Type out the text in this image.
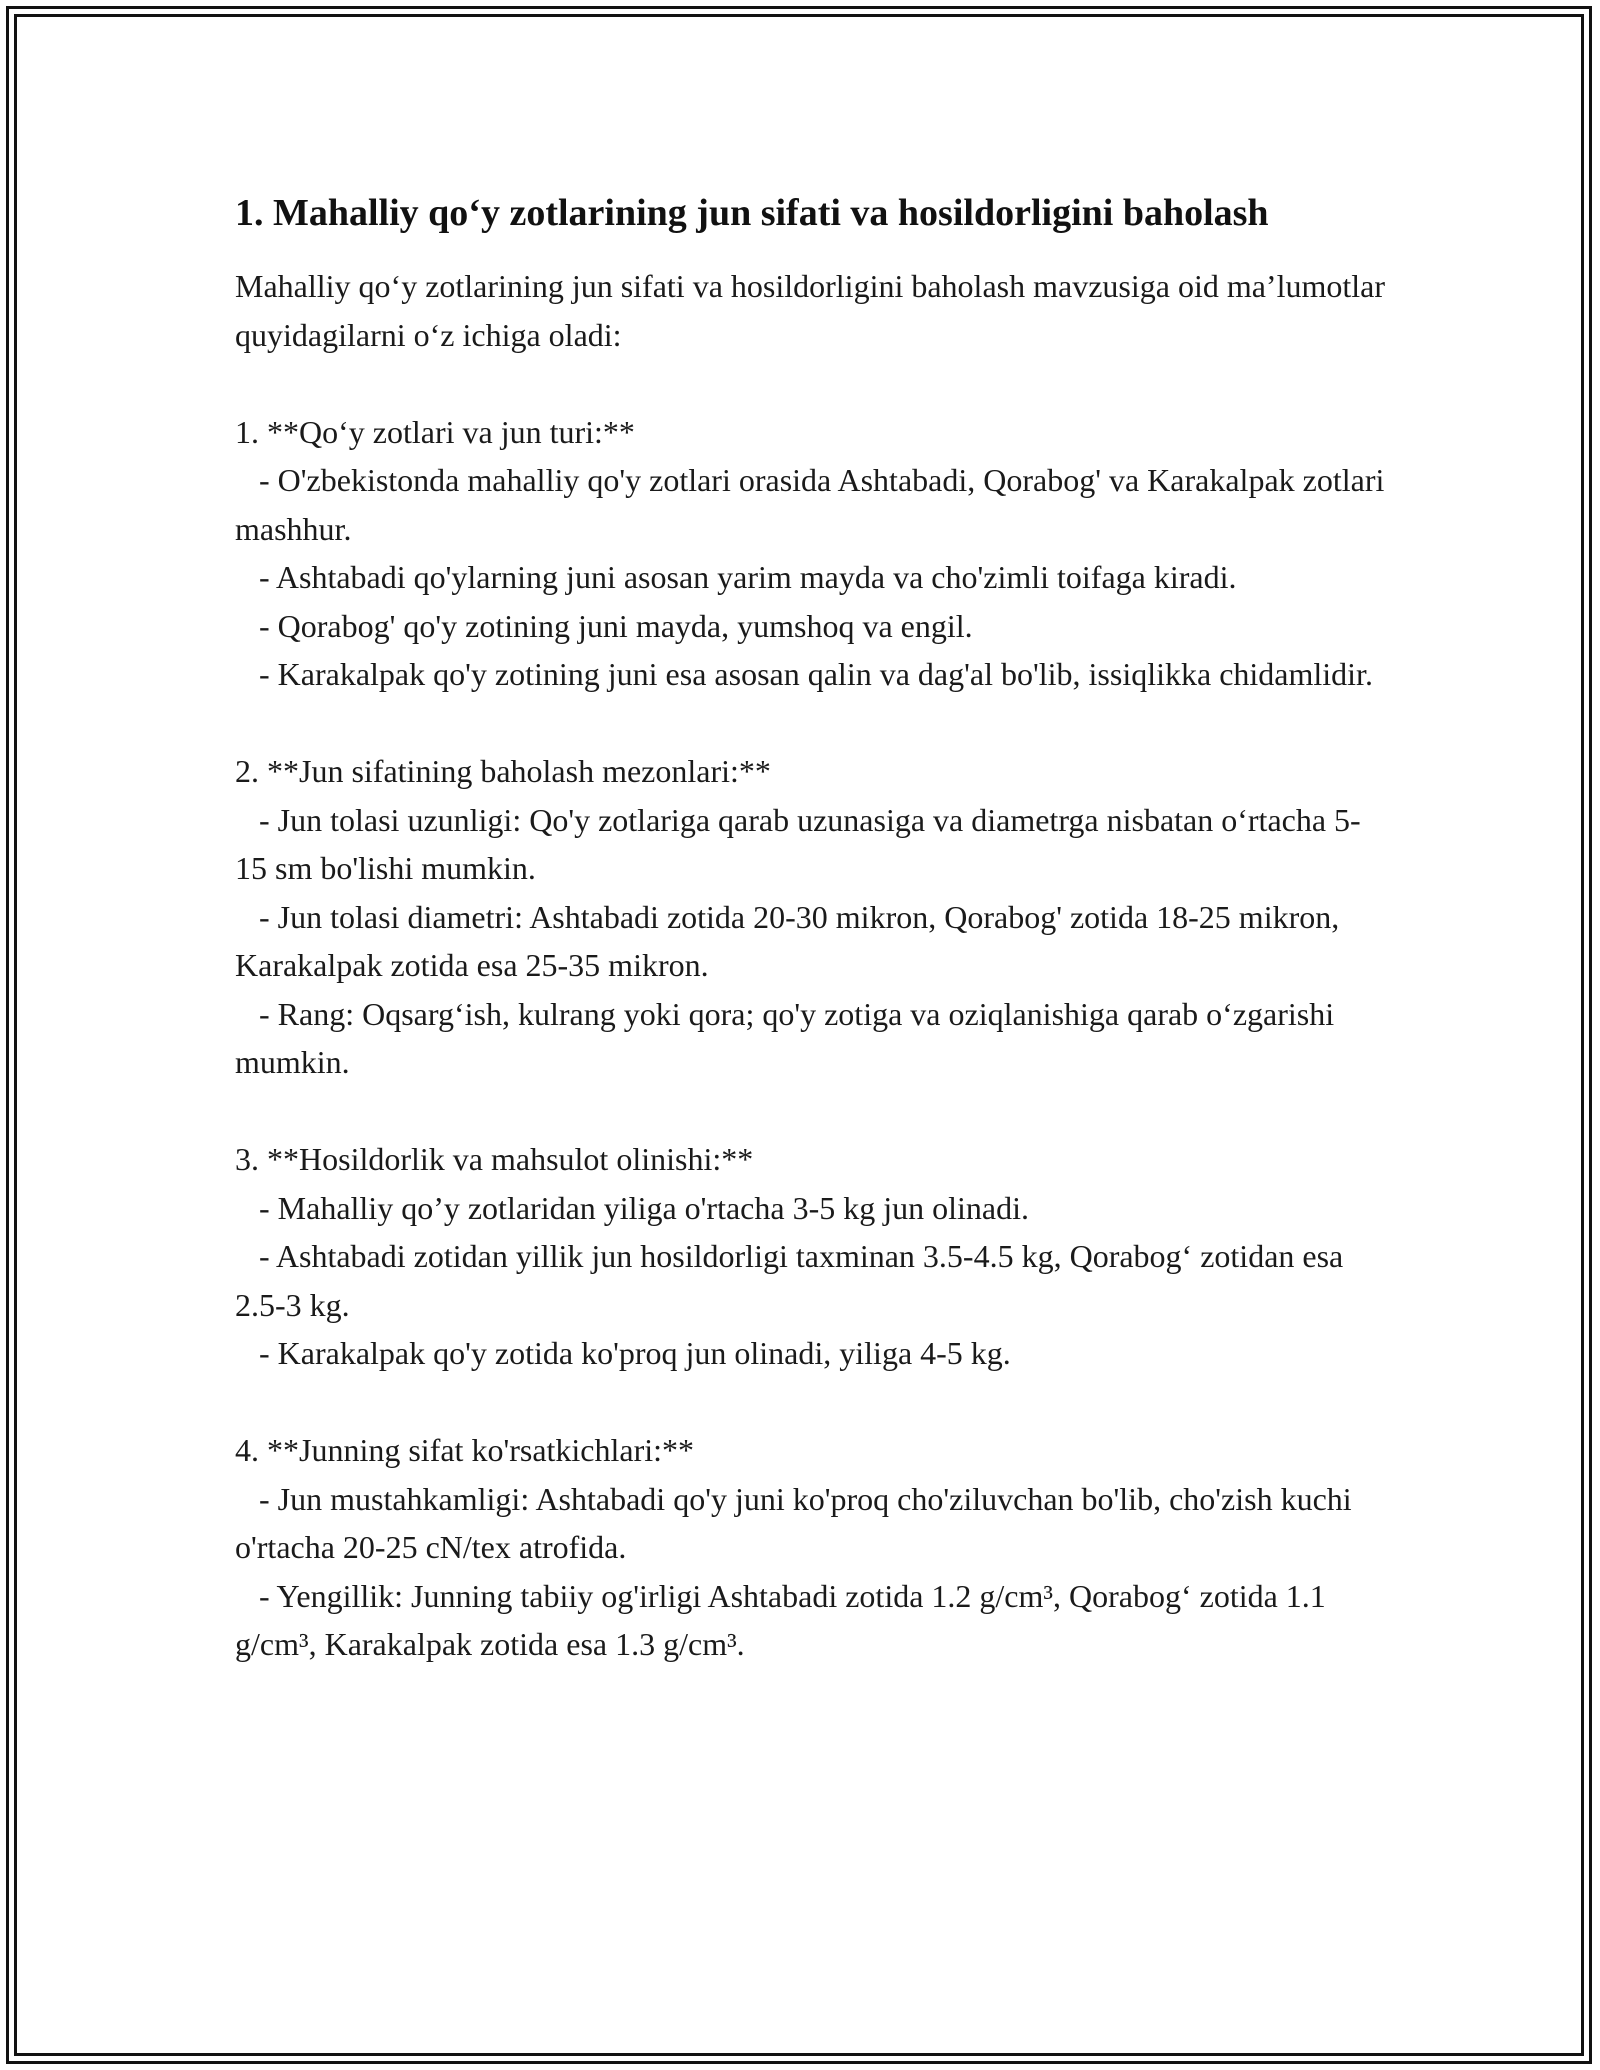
1. Mahalliy qo‘y zotlarining jun sifati va hosildorligini baholash

Mahalliy qo‘y zotlarining jun sifati va hosildorligini baholash mavzusiga oid ma’lumotlar quyidagilarni o‘z ichiga oladi:

1. **Qo‘y zotlari va jun turi:**

- O'zbekistonda mahalliy qo'y zotlari orasida Ashtabadi, Qorabog' va Karakalpak zotlari mashhur.

- Ashtabadi qo'ylarning juni asosan yarim mayda va cho'zimli toifaga kiradi.

- Qorabog' qo'y zotining juni mayda, yumshoq va engil.

- Karakalpak qo'y zotining juni esa asosan qalin va dag'al bo'lib, issiqlikka chidamlidir.

2. **Jun sifatining baholash mezonlari:**

- Jun tolasi uzunligi: Qo'y zotlariga qarab uzunasiga va diametrga nisbatan o‘rtacha 5-15 sm bo'lishi mumkin.

- Jun tolasi diametri: Ashtabadi zotida 20-30 mikron, Qorabog' zotida 18-25 mikron, Karakalpak zotida esa 25-35 mikron.

- Rang: Oqsarg‘ish, kulrang yoki qora; qo'y zotiga va oziqlanishiga qarab o‘zgarishi mumkin.

3. **Hosildorlik va mahsulot olinishi:**

- Mahalliy qo’y zotlaridan yiliga o'rtacha 3-5 kg jun olinadi.

- Ashtabadi zotidan yillik jun hosildorligi taxminan 3.5-4.5 kg, Qorabog‘ zotidan esa 2.5-3 kg.

- Karakalpak qo'y zotida ko'proq jun olinadi, yiliga 4-5 kg.

4. **Junning sifat ko'rsatkichlari:**

- Jun mustahkamligi: Ashtabadi qo'y juni ko'proq cho'ziluvchan bo'lib, cho'zish kuchi o'rtacha 20-25 cN/tex atrofida.

- Yengillik: Junning tabiiy og'irligi Ashtabadi zotida 1.2 g/cm³, Qorabog‘ zotida 1.1 g/cm³, Karakalpak zotida esa 1.3 g/cm³.
